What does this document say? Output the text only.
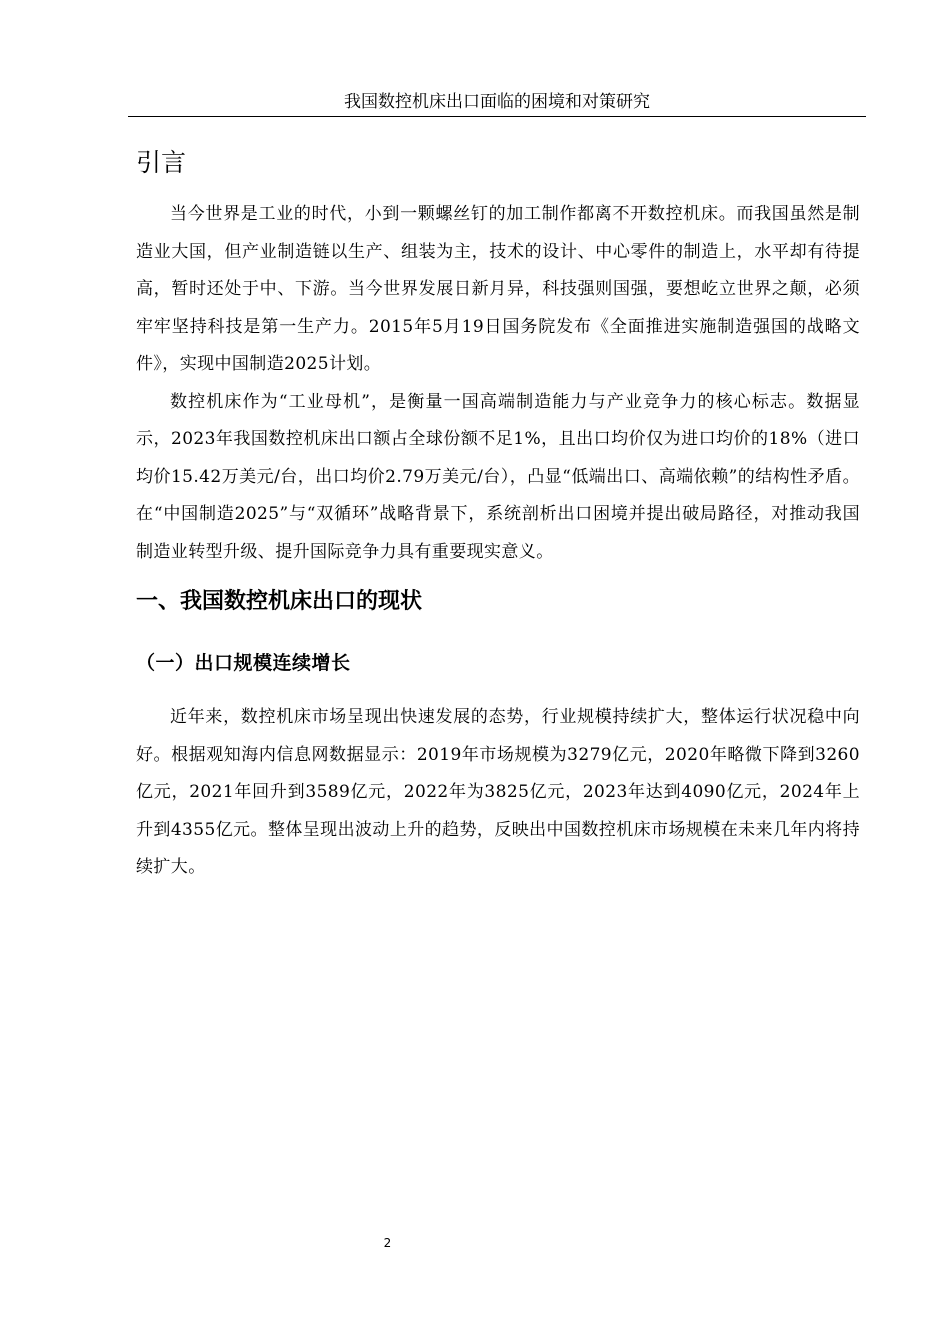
我国数控机床出口面临的困境和对策研究
引言

当今世界是工业的时代，小到一颗螺丝钉的加工制作都离不开数控机床。而我国虽然是制造业大国，但产业制造链以生产、组装为主，技术的设计、中心零件的制造上，水平却有待提高，暂时还处于中、下游。当今世界发展日新月异，科技强则国强，要想屹立世界之颠，必须牢牢坚持科技是第一生产力。2015年5月19日国务院发布《全面推进实施制造强国的战略文件》，实现中国制造2025计划。

数控机床作为“工业母机”，是衡量一国高端制造能力与产业竞争力的核心标志。数据显示，2023年我国数控机床出口额占全球份额不足1%，且出口均价仅为进口均价的18%（进口均价15.42万美元/台，出口均价2.79万美元/台），凸显“低端出口、高端依赖”的结构性矛盾。在“中国制造2025”与“双循环”战略背景下，系统剖析出口困境并提出破局路径，对推动我国制造业转型升级、提升国际竞争力具有重要现实意义。

一、我国数控机床出口的现状
（一）出口规模连续增长

近年来，数控机床市场呈现出快速发展的态势，行业规模持续扩大，整体运行状况稳中向好。根据观知海内信息网数据显示：2019年市场规模为3279亿元，2020年略微下降到3260亿元，2021年回升到3589亿元，2022年为3825亿元，2023年达到4090亿元，2024年上升到4355亿元。整体呈现出波动上升的趋势，反映出中国数控机床市场规模在未来几年内将持续扩大。

2
